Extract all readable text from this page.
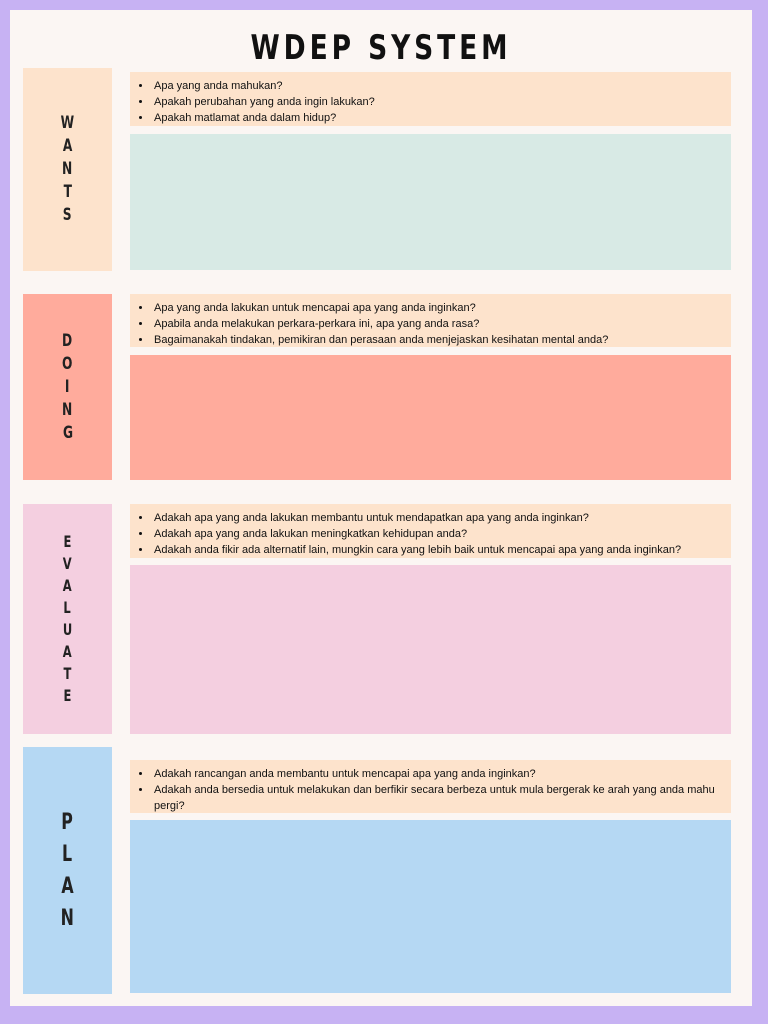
WDEP SYSTEM
W
A
N
T
S
• Apa yang anda mahukan?
• Apakah perubahan yang anda ingin lakukan?
• Apakah matlamat anda dalam hidup?
D
O
I
N
G
• Apa yang anda lakukan untuk mencapai apa yang anda inginkan?
• Apabila anda melakukan perkara-perkara ini, apa yang anda rasa?
• Bagaimanakah tindakan, pemikiran dan perasaan anda menjejaskan kesihatan mental anda?
E
V
A
L
U
A
T
E
• Adakah apa yang anda lakukan membantu untuk mendapatkan apa yang anda inginkan?
• Adakah apa yang anda lakukan meningkatkan kehidupan anda?
• Adakah anda fikir ada alternatif lain, mungkin cara yang lebih baik untuk mencapai apa yang anda inginkan?
P
L
A
N
• Adakah rancangan anda membantu untuk mencapai apa yang anda inginkan?
• Adakah anda bersedia untuk melakukan dan berfikir secara berbeza untuk mula bergerak ke arah yang anda mahu pergi?
